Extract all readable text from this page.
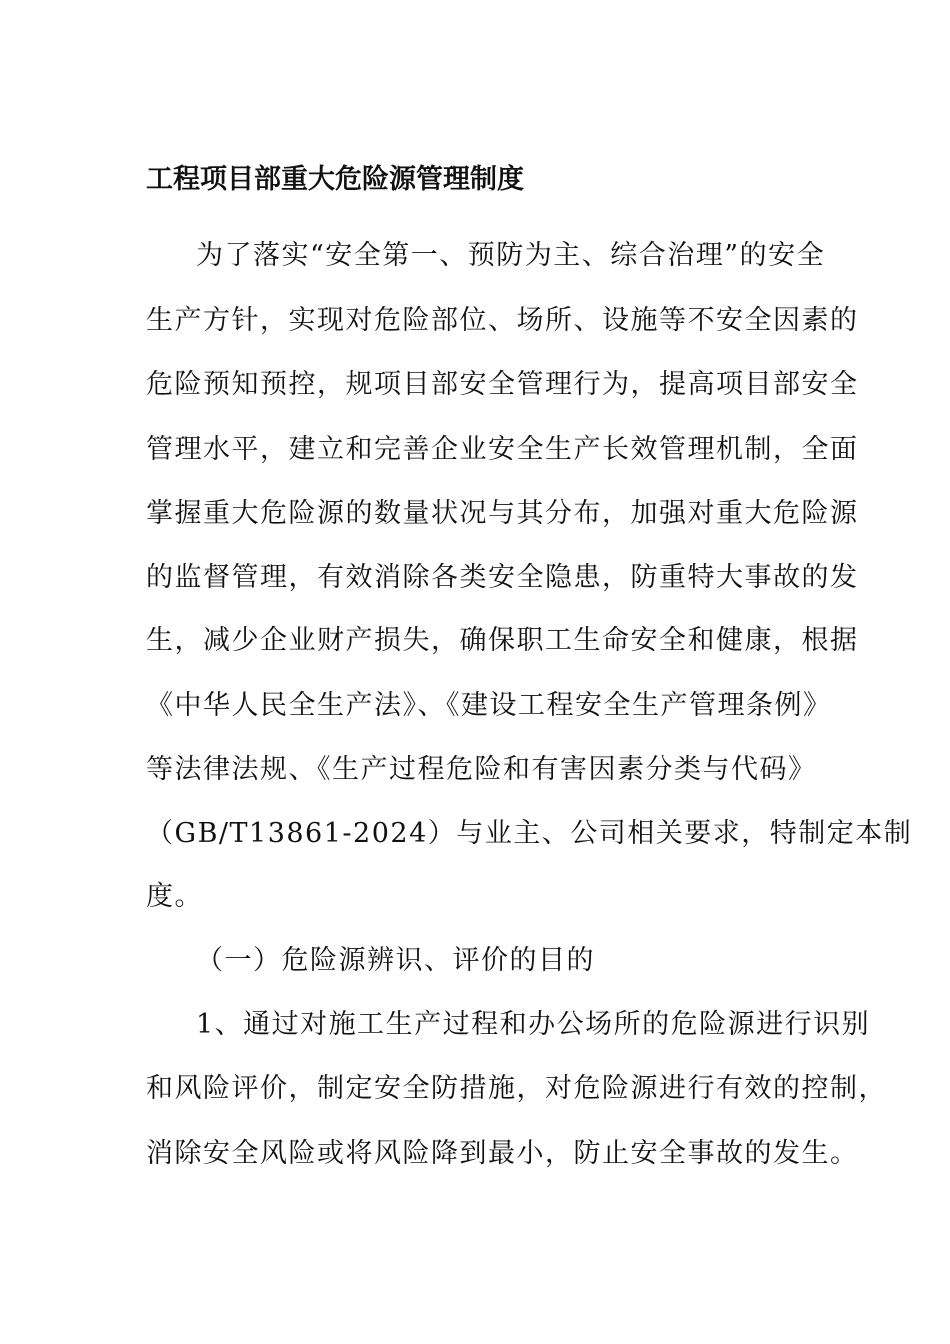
工程项目部重大危险源管理制度
为了落实“安全第一、预防为主、综合治理”的安全
生产方针，实现对危险部位、场所、设施等不安全因素的
危险预知预控，规项目部安全管理行为，提高项目部安全
管理水平，建立和完善企业安全生产长效管理机制，全面
掌握重大危险源的数量状况与其分布，加强对重大危险源
的监督管理，有效消除各类安全隐患，防重特大事故的发
生，减少企业财产损失，确保职工生命安全和健康，根据
《中华人民全生产法》、《建设工程安全生产管理条例》
等法律法规、《生产过程危险和有害因素分类与代码》
（GB/T13861-2024）与业主、公司相关要求，特制定本制
度。
（一）危险源辨识、评价的目的
1、通过对施工生产过程和办公场所的危险源进行识别
和风险评价，制定安全防措施，对危险源进行有效的控制，
消除安全风险或将风险降到最小，防止安全事故的发生。
